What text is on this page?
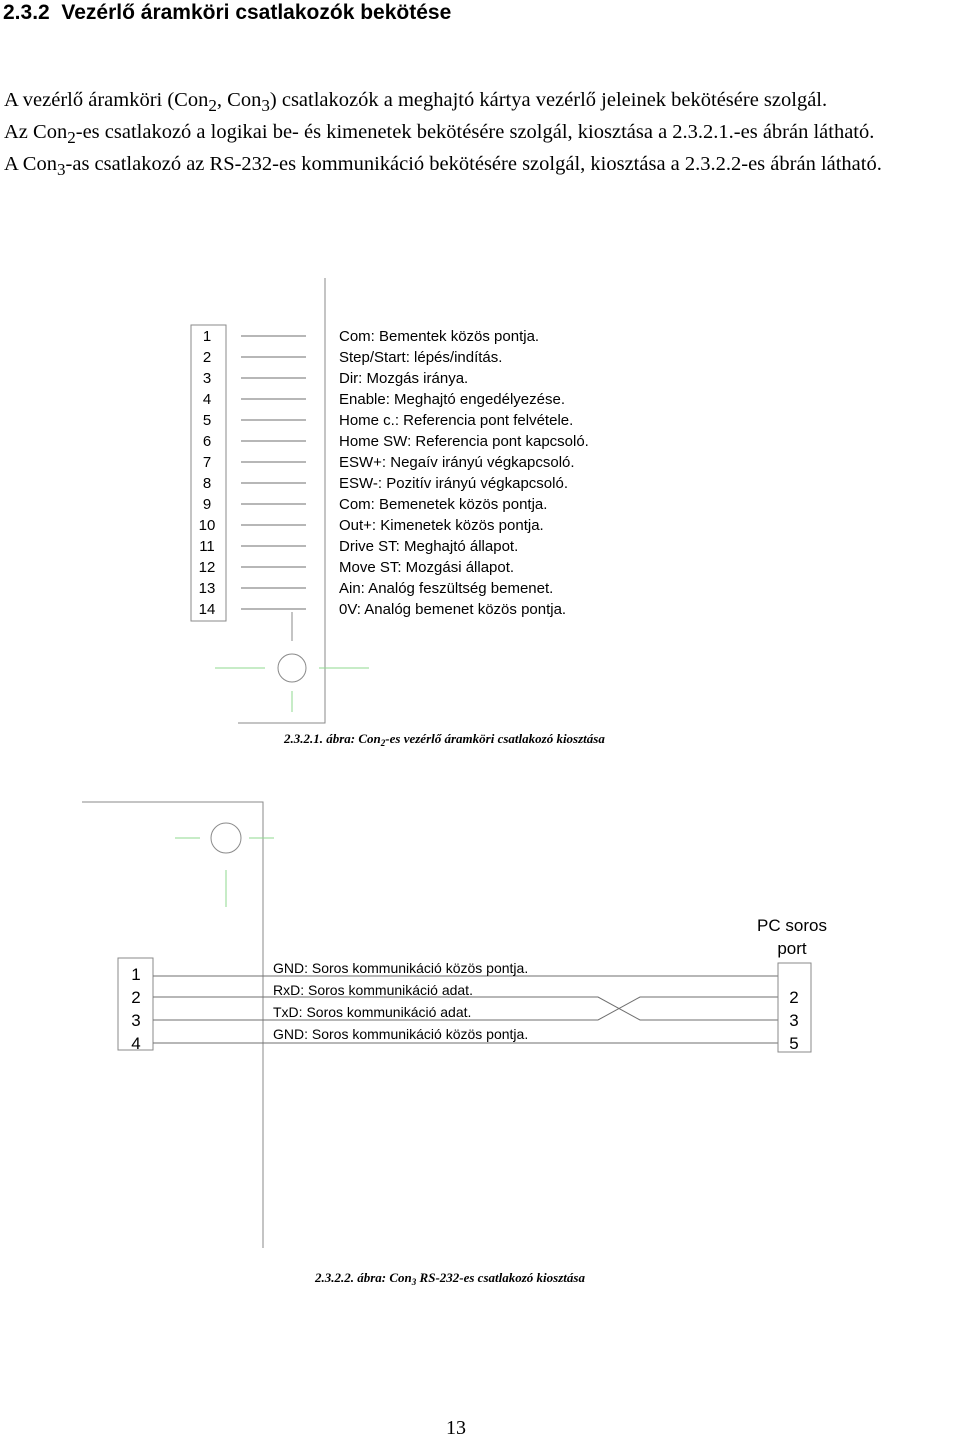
2.3.2 Vezérlő áramköri csatlakozók bekötése

A vezérlő áramköri (Con$_2$, Con$_3$) csatlakozók a meghajtó kártya vezérlő jeleinek bekötésére szolgál.

Az Con$_2$-es csatlakozó a logikai be- és kimenetek bekötésére szolgál, kiosztása a 2.3.2.1.-es ábrán látható.

A Con$_3$-as csatlakozó az RS-232-es kommunikáció bekötésére szolgál, kiosztása a 2.3.2.2-es ábrán látható.

1
2
3
4
5
6
7
8
9
10
11
12
13
14
Com: Bementek közös pontja.
Step/Start: lépés/indítás.
Dir: Mozgás iránya.
Enable: Meghajtó engedélyezése.
Home c.: Referencia pont felvétele.
Home SW: Referencia pont kapcsoló.
ESW+: Negaív irányú végkapcsoló.
ESW-: Pozitív irányú végkapcsoló.
Com: Bemenetek közös pontja.
Out+: Kimenetek közös pontja.
Drive ST: Meghajtó állapot.
Move ST: Mozgási állapot.
Ain: Analóg feszültség bemenet.
0V: Analóg bemenet közös pontja.
2.3.2.1. ábra: Con$_2$-es vezérlő áramköri csatlakozó kiosztása
1
2
3
4
GND: Soros kommunikáció közös pontja.
RxD: Soros kommunikáció adat.
TxD: Soros kommunikáció adat.
GND: Soros kommunikáció közös pontja.
PC soros
port
2
3
5
2.3.2.2. ábra: Con$_3$ RS-232-es csatlakozó kiosztása
13
